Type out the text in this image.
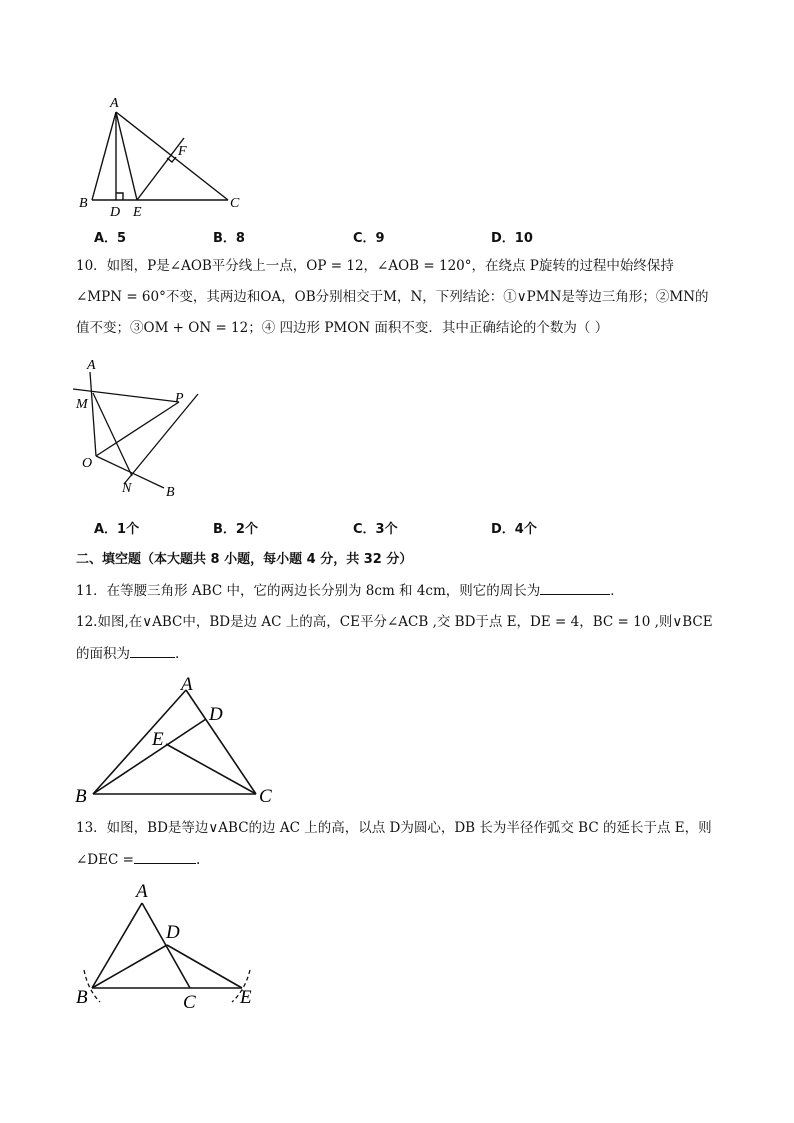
A
B	C
D E
F
A．5	B．8	C．9	D．10
10．如图，P是∠AOB平分线上一点，OP = 12，∠AOB = 120°，在绕点 P旋转的过程中始终保持
∠MPN = 60°不变，其两边和OA，OB分别相交于M，N，下列结论：①∨PMN是等边三角形；②MN的
值不变；③OM + ON = 12；④ 四边形 PMON 面积不变．其中正确结论的个数为（ ）
A
M	P
O
N B
A．1个	B．2个	C．3个	D．4个
二、填空题（本大题共 8 小题，每小题 4 分，共 32 分）
11．在等腰三角形 ABC 中，它的两边长分别为 8cm 和 4cm，则它的周长为	．
12.如图,在∨ABC中，BD是边 AC 上的高，CE平分∠ACB ,交 BD于点 E，DE = 4，BC = 10 ,则∨BCE
的面积为	.
A
D
E
B	C
13．如图，BD是等边∨ABC的边 AC 上的高，以点 D为圆心，DB 长为半径作弧交 BC 的延长于点 E，则
∠DEC =	.
A
D
B	C E
